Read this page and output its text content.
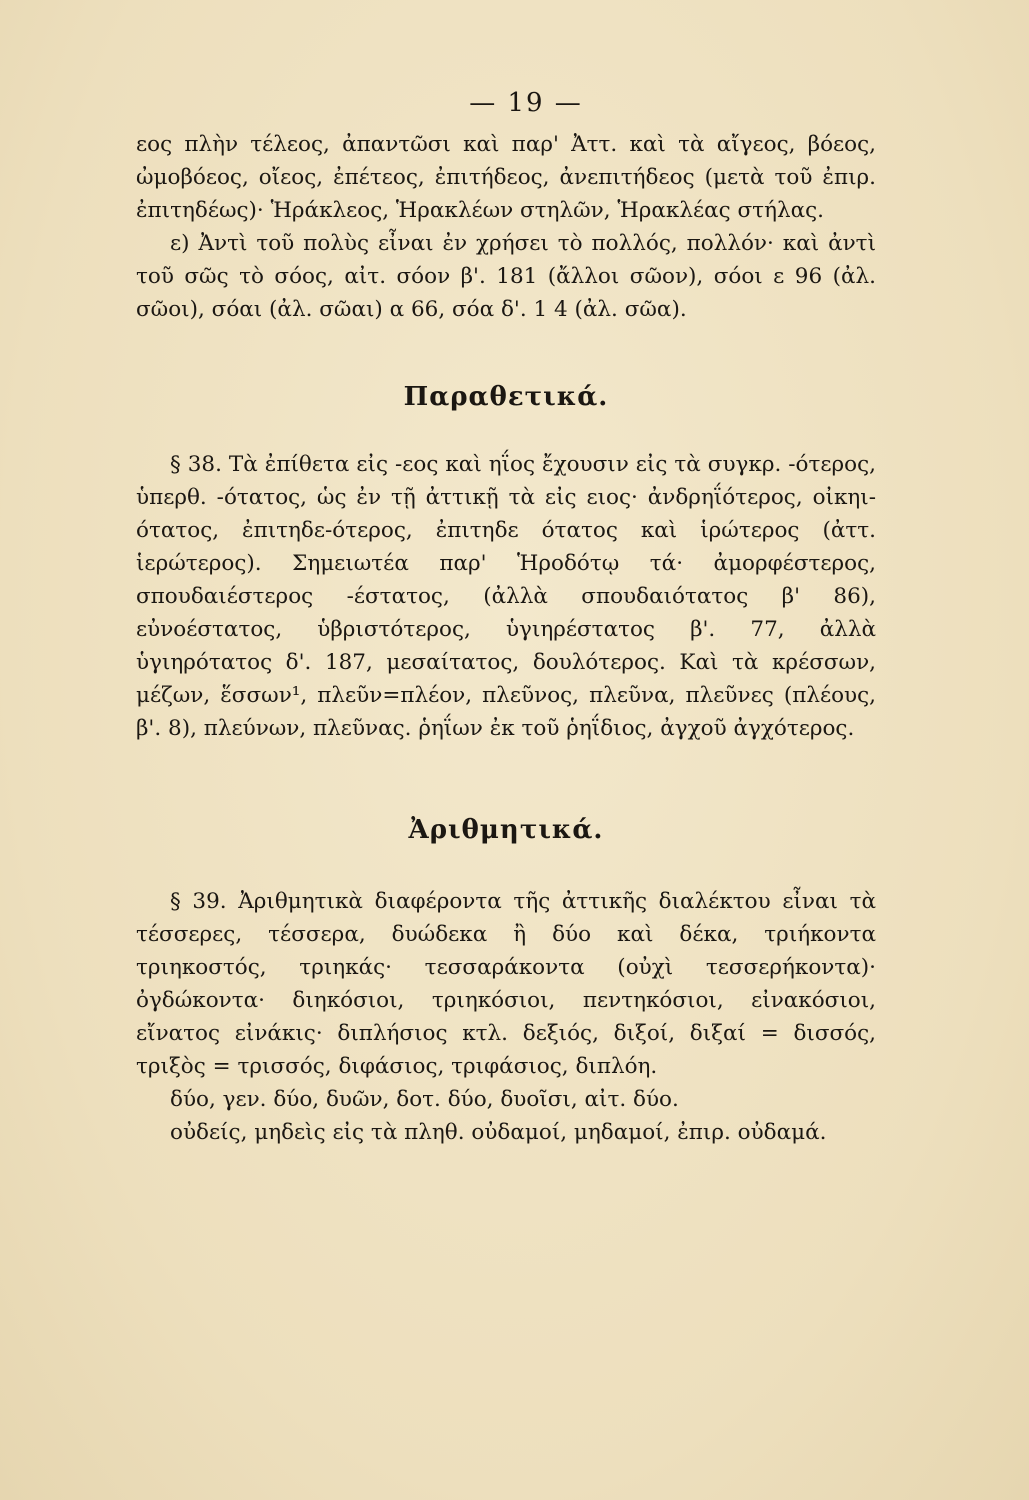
— 19 —

εος πλὴν τέλεος, ἀπαντῶσι καὶ παρ' Ἀττ. καὶ τὰ αἴγεος, βόεος, ὠμοβόεος, οἴεος, ἐπέτεος, ἐπιτήδεος, ἀνεπιτήδεος (μετὰ τοῦ ἐπιρ. ἐπιτηδέως)· Ἡράκλεος, Ἡρακλέων στηλῶν, Ἡρακλέας στήλας.

ε) Ἀντὶ τοῦ πολὺς εἶναι ἐν χρήσει τὸ πολλός, πολλόν· καὶ ἀντὶ τοῦ σῶς τὸ σόος, αἰτ. σόον β'. 181 (ἄλλοι σῶον), σόοι ε 96 (ἀλ. σῶοι), σόαι (ἀλ. σῶαι) α 66, σόα δ'. 1 4 (ἀλ. σῶα).

Παραθετικά.

§ 38. Τὰ ἐπίθετα εἰς -εος καὶ ηΐος ἔχουσιν εἰς τὰ συγκρ. -ότερος, ὑπερθ. -ότατος, ὡς ἐν τῇ ἀττικῇ τὰ εἰς ειος· ἀνδρηΐότερος, οἰκηι-ότατος, ἐπιτηδε-ότερος, ἐπιτηδε ότατος καὶ ἱρώτερος (ἀττ. ἱερώτερος). Σημειωτέα παρ' Ἡροδότῳ τά· ἀμορφέστερος, σπουδαιέστερος -έστατος, (ἀλλὰ σπουδαιότατος β' 86), εὐνοέστατος, ὑβριστότερος, ὑγιηρέστατος β'. 77, ἀλλὰ ὑγιηρότατος δ'. 187, μεσαίτατος, δουλότερος. Καὶ τὰ κρέσσων, μέζων, ἕσσων¹, πλεῦν=πλέον, πλεῦνος, πλεῦνα, πλεῦνες (πλέους, β'. 8), πλεύνων, πλεῦνας. ῥηΐων ἐκ τοῦ ῥηΐδιος, ἀγχοῦ ἀγχότερος.

Ἀριθμητικά.

§ 39. Ἀριθμητικὰ διαφέροντα τῆς ἀττικῆς διαλέκτου εἶναι τὰ τέσσερες, τέσσερα, δυώδεκα ἢ δύο καὶ δέκα, τριήκοντα τριηκοστός, τριηκάς· τεσσαράκοντα (οὐχὶ τεσσερήκοντα)· ὀγδώκοντα· διηκόσιοι, τριηκόσιοι, πεντηκόσιοι, εἰνακόσιοι, εἴνατος εἰνάκις· διπλήσιος κτλ. δεξιός, διξοί, διξαί = δισσός, τριξὸς = τρισσός, διφάσιος, τριφάσιος, διπλόη.

δύο, γεν. δύο, δυῶν, δοτ. δύο, δυοῖσι, αἰτ. δύο.

οὐδείς, μηδεὶς εἰς τὰ πληθ. οὐδαμοί, μηδαμοί, ἐπιρ. οὐδαμά.
